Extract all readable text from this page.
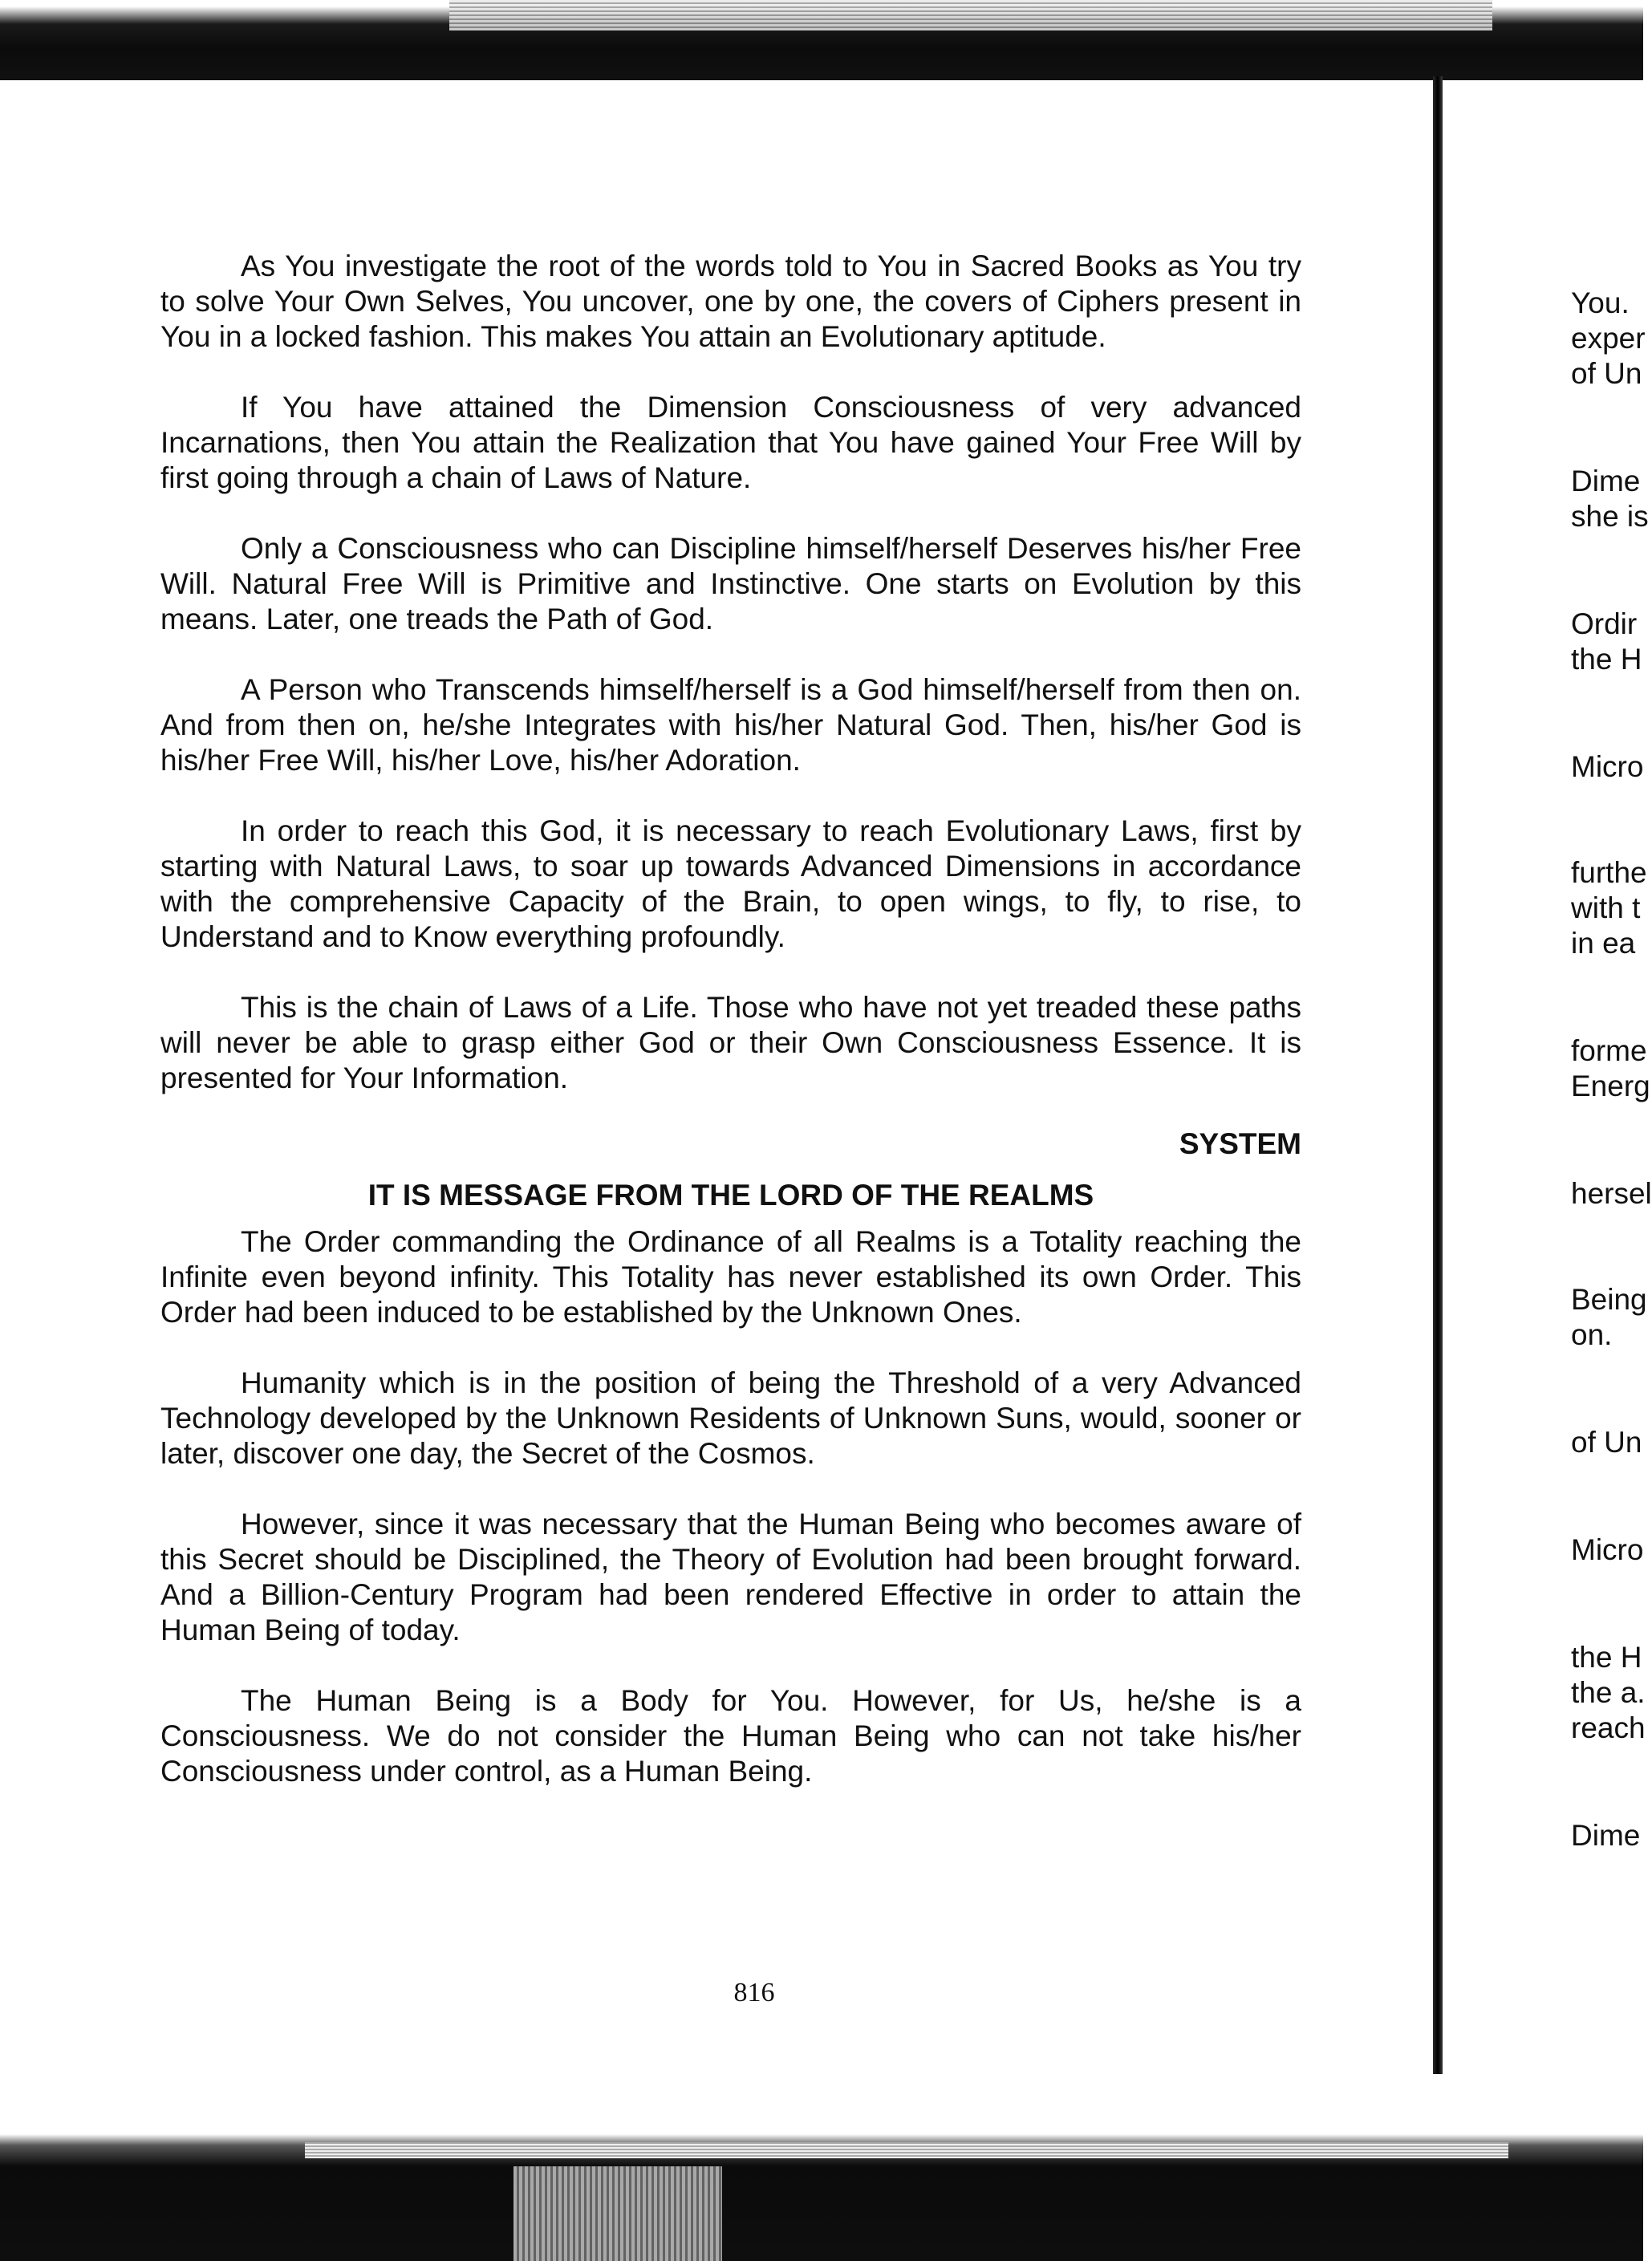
As You investigate the root of the words told to You in Sacred Books as You try to solve Your Own Selves, You uncover, one by one, the covers of Ciphers present in You in a locked fashion. This makes You attain an Evolutionary aptitude.

If You have attained the Dimension Consciousness of very advanced Incarnations, then You attain the Realization that You have gained Your Free Will by first going through a chain of Laws of Nature.

Only a Consciousness who can Discipline himself/herself Deserves his/her Free Will. Natural Free Will is Primitive and Instinctive. One starts on Evolution by this means. Later, one treads the Path of God.

A Person who Transcends himself/herself is a God himself/herself from then on. And from then on, he/she Integrates with his/her Natural God. Then, his/her God is his/her Free Will, his/her Love, his/her Adoration.

In order to reach this God, it is necessary to reach Evolutionary Laws, first by starting with Natural Laws, to soar up towards Advanced Dimensions in accordance with the comprehensive Capacity of the Brain, to open wings, to fly, to rise, to Understand and to Know everything profoundly.

This is the chain of Laws of a Life. Those who have not yet treaded these paths will never be able to grasp either God or their Own Consciousness Essence. It is presented for Your Information.

SYSTEM
IT IS MESSAGE FROM THE LORD OF THE REALMS

The Order commanding the Ordinance of all Realms is a Totality reaching the Infinite even beyond infinity. This Totality has never established its own Order. This Order had been induced to be established by the Unknown Ones.

Humanity which is in the position of being the Threshold of a very Advanced Technology developed by the Unknown Residents of Unknown Suns, would, sooner or later, discover one day, the Secret of the Cosmos.

However, since it was necessary that the Human Being who becomes aware of this Secret should be Disciplined, the Theory of Evolution had been brought forward. And a Billion-Century Program had been rendered Effective in order to attain the Human Being of today.

The Human Being is a Body for You. However, for Us, he/she is a Consciousness. We do not consider the Human Being who can not take his/her Consciousness under control, as a Human Being.

816
You.
exper
of Un
Dime
she is
Ordir
the H
Micro
furthe
with t
in ea
forme
Energ
hersel
Being
on.
of Un
Micro
the H
the a.
reach
Dime
